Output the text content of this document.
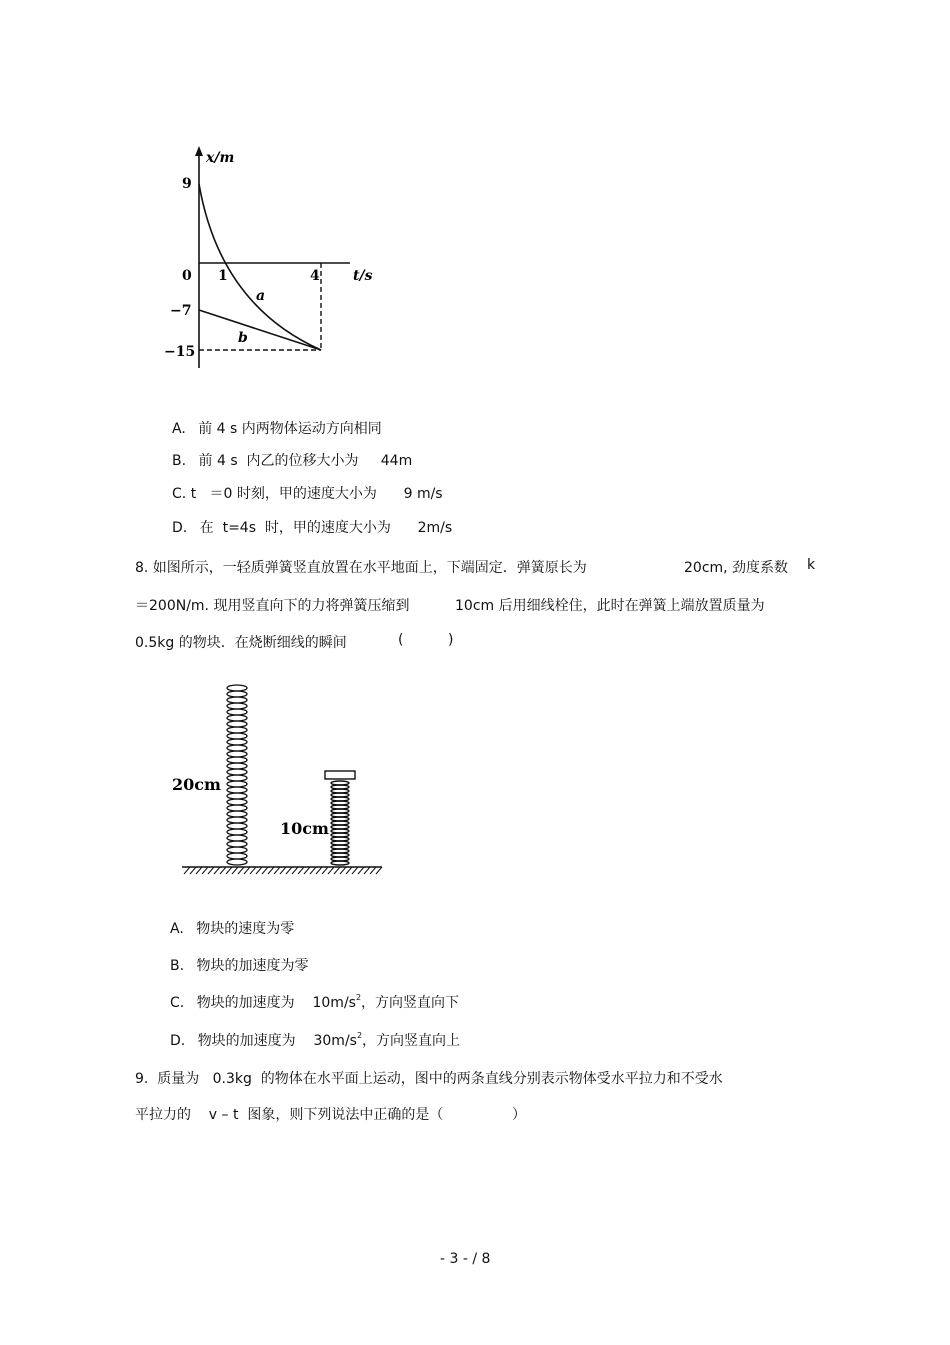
x/m
t/s
9
0
−7
−15
1	4
a
b
A. 前 4 s 内两物体运动方向相同
B. 前 4 s  内乙的位移大小为     44m
C. t   ＝0 时刻，甲的速度大小为      9 m/s
D. 在  t=4s  时，甲的速度大小为      2m/s
8. 如图所示，一轻质弹簧竖直放置在水平地面上，下端固定．弹簧原长为	20cm, 劲度系数 k
＝200N/m. 现用竖直向下的力将弹簧压缩到	10cm 后用细线栓住，此时在弹簧上端放置质量为
0.5kg 的物块．在烧断细线的瞬间	(          )
20cm
10cm
A. 物块的速度为零
B. 物块的加速度为零
C. 物块的加速度为    $10m/s^2$，方向竖直向下
D. 物块的加速度为    $30m/s^2$，方向竖直向上
9.  质量为   0.3kg  的物体在水平面上运动，图中的两条直线分别表示物体受水平拉力和不受水
平拉力的    v – t  图象，则下列说法中正确的是（	）
- 3 - / 8
